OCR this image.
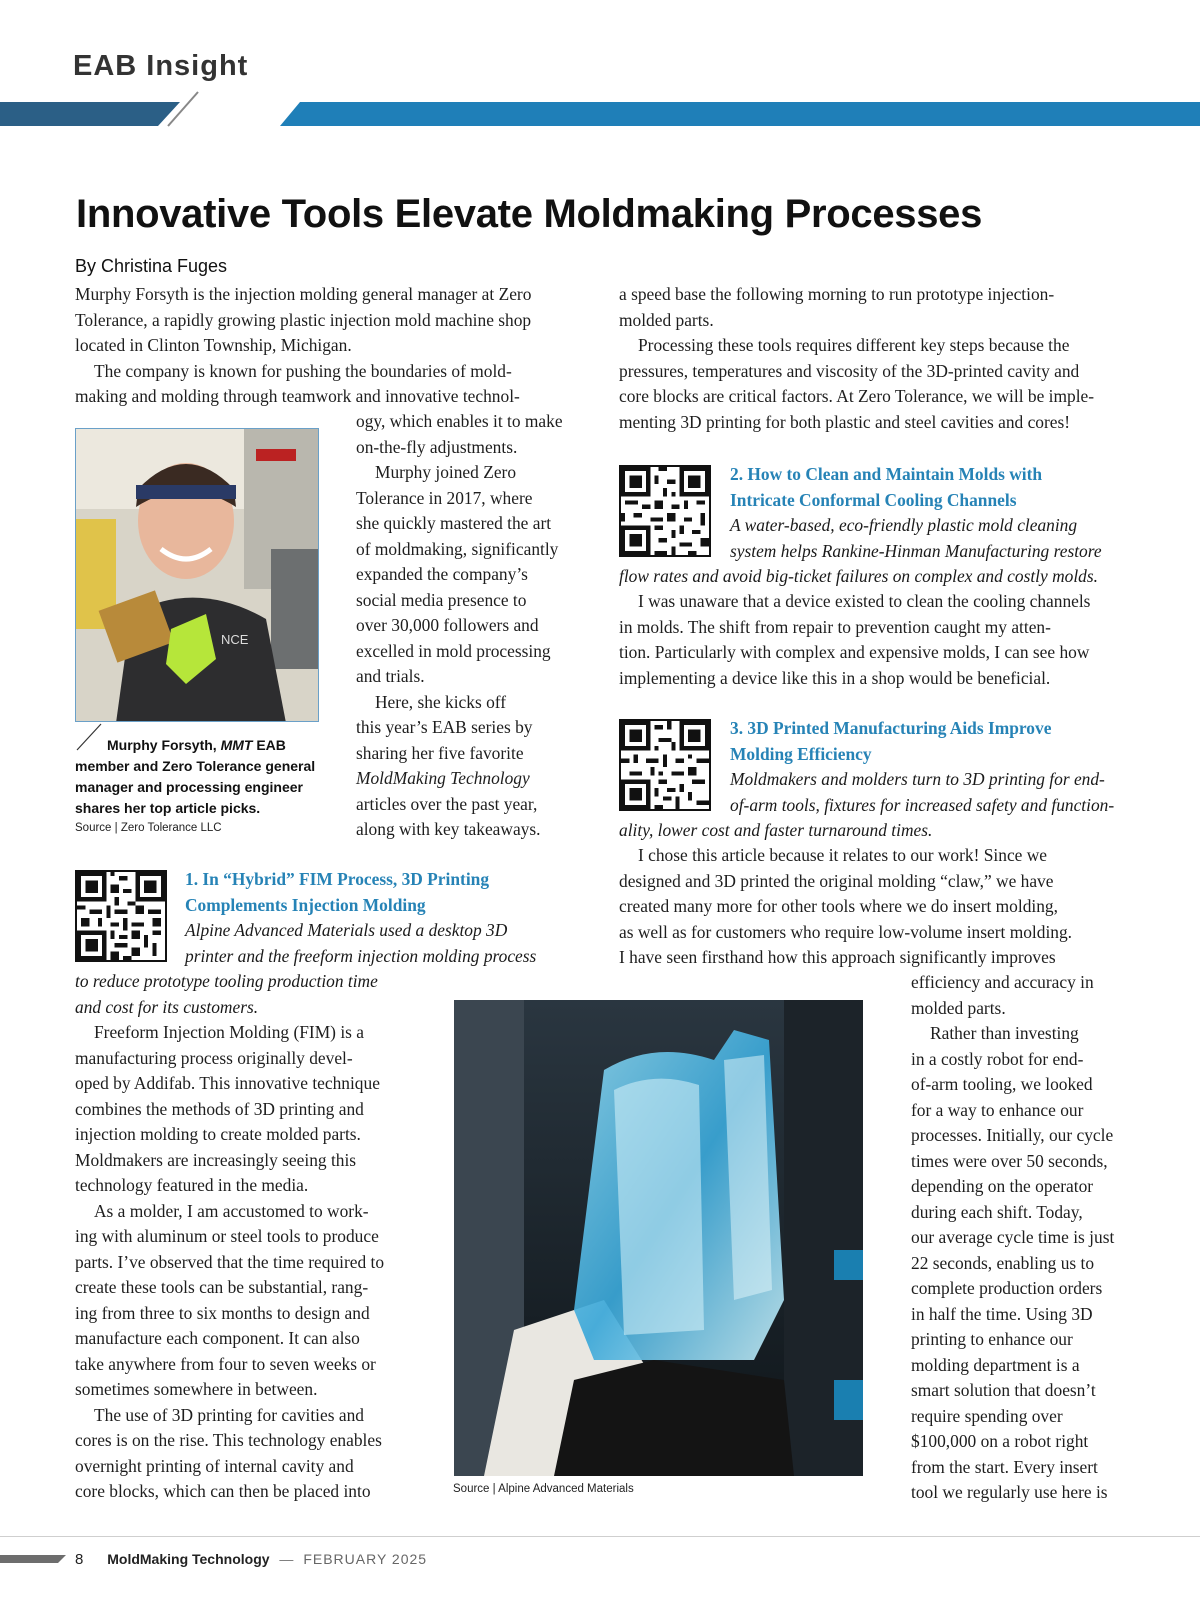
EAB Insight
Innovative Tools Elevate Moldmaking Processes
By Christina Fuges

Murphy Forsyth is the injection molding general manager at Zero

Tolerance, a rapidly growing plastic injection mold machine shop

located in Clinton Township, Michigan.

The company is known for pushing the boundaries of mold-

making and molding through teamwork and innovative technol-

NCE
Murphy Forsyth, MMT EAB member and Zero Tolerance general manager and processing engineer shares her top article picks.
Source | Zero Tolerance LLC

ogy, which enables it to make

on-the-fly adjustments.

Murphy joined Zero

Tolerance in 2017, where

she quickly mastered the art

of moldmaking, significantly

expanded the company’s

social media presence to

over 30,000 followers and

excelled in mold processing

and trials.

Here, she kicks off

this year’s EAB series by

sharing her five favorite

MoldMaking Technology

articles over the past year,

along with key takeaways.

1. In “Hybrid” FIM Process, 3D Printing
Complements Injection Molding
Alpine Advanced Materials used a desktop 3D
printer and the freeform injection molding process
to reduce prototype tooling production time
and cost for its customers.

Freeform Injection Molding (FIM) is a

manufacturing process originally devel-

oped by Addifab. This innovative technique

combines the methods of 3D printing and

injection molding to create molded parts.

Moldmakers are increasingly seeing this

technology featured in the media.

As a molder, I am accustomed to work-

ing with aluminum or steel tools to produce

parts. I’ve observed that the time required to

create these tools can be substantial, rang-

ing from three to six months to design and

manufacture each component. It can also

take anywhere from four to seven weeks or

sometimes somewhere in between.

The use of 3D printing for cavities and

cores is on the rise. This technology enables

overnight printing of internal cavity and

core blocks, which can then be placed into	Source | Alpine Advanced Materials

a speed base the following morning to run prototype injection-

molded parts.

Processing these tools requires different key steps because the

pressures, temperatures and viscosity of the 3D-printed cavity and

core blocks are critical factors. At Zero Tolerance, we will be imple-

menting 3D printing for both plastic and steel cavities and cores!

2. How to Clean and Maintain Molds with
Intricate Conformal Cooling Channels
A water-based, eco-friendly plastic mold cleaning
system helps Rankine-Hinman Manufacturing restore
flow rates and avoid big-ticket failures on complex and costly molds.

I was unaware that a device existed to clean the cooling channels

in molds. The shift from repair to prevention caught my atten-

tion. Particularly with complex and expensive molds, I can see how

implementing a device like this in a shop would be beneficial.

3. 3D Printed Manufacturing Aids Improve
Molding Efficiency
Moldmakers and molders turn to 3D printing for end-
of-arm tools, fixtures for increased safety and function-
ality, lower cost and faster turnaround times.

I chose this article because it relates to our work! Since we

designed and 3D printed the original molding “claw,” we have

created many more for other tools where we do insert molding,

as well as for customers who require low-volume insert molding.

I have seen firsthand how this approach significantly improves

efficiency and accuracy in

molded parts.

Rather than investing

in a costly robot for end-

of-arm tooling, we looked

for a way to enhance our

processes. Initially, our cycle

times were over 50 seconds,

depending on the operator

during each shift. Today,

our average cycle time is just

22 seconds, enabling us to

complete production orders

in half the time. Using 3D

printing to enhance our

molding department is a

smart solution that doesn’t

require spending over

$100,000 on a robot right

from the start. Every insert

tool we regularly use here is

8 MoldMaking Technology — FEBRUARY 2025
